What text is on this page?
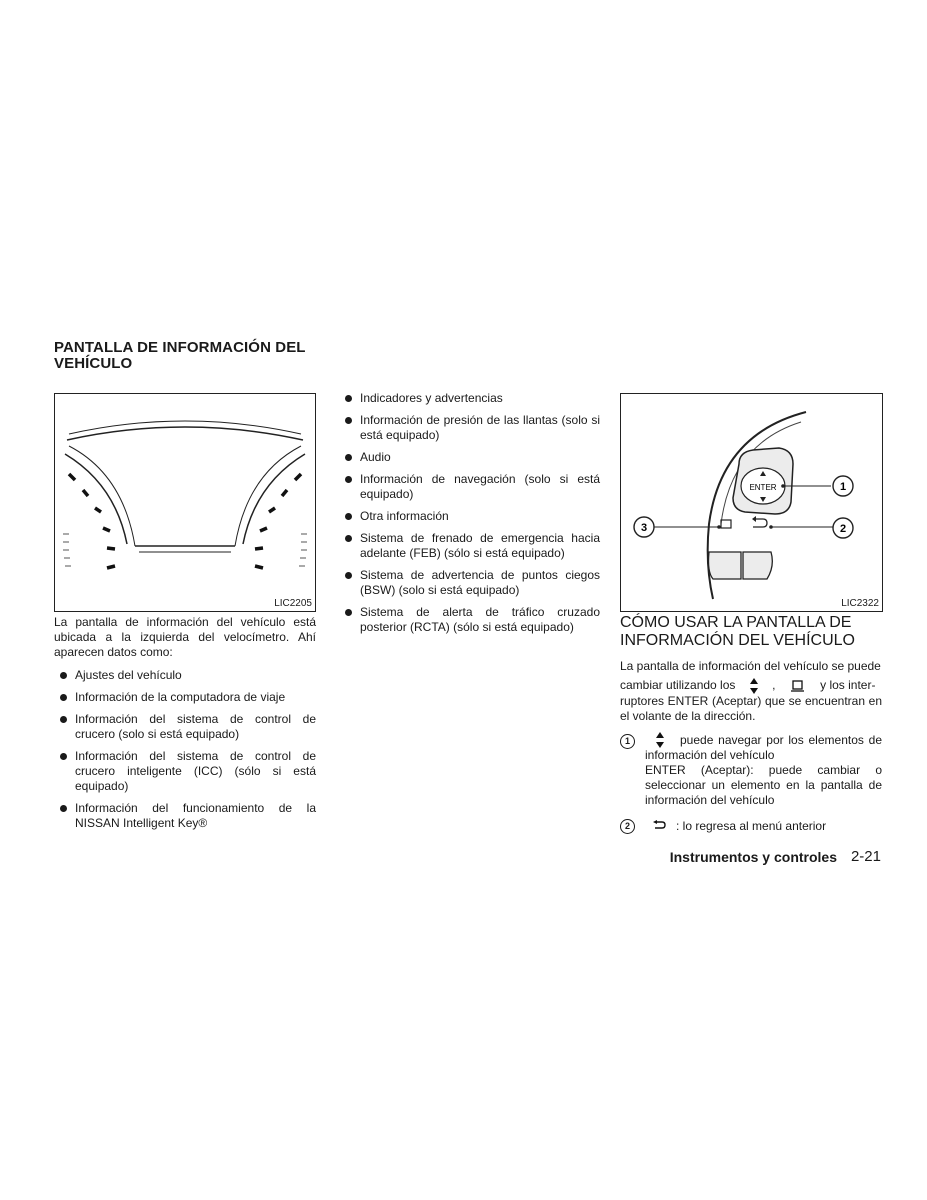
PANTALLA DE INFORMACIÓN DEL VEHÍCULO
LIC2205

La pantalla de información del vehículo está ubicada a la izquierda del velocímetro. Ahí aparecen datos como:

Ajustes del vehículo
Información de la computadora de viaje
Información del sistema de control de crucero (solo si está equipado)
Información del sistema de control de crucero inteligente (ICC) (sólo si está equipado)
Información del funcionamiento de la NISSAN Intelligent Key®
Indicadores y advertencias
Información de presión de las llantas (solo si está equipado)
Audio
Información de navegación (solo si está equipado)
Otra información
Sistema de frenado de emergencia hacia adelante (FEB) (sólo si está equipado)
Sistema de advertencia de puntos ciegos (BSW) (solo si está equipado)
Sistema de alerta de tráfico cruzado posterior (RCTA) (sólo si está equipado)
ENTER	1
2
3
LIC2322
CÓMO USAR LA PANTALLA DE INFORMACIÓN DEL VEHÍCULO

La pantalla de información del vehículo se puede

cambiar utilizando los	,	y los inter-

ruptores ENTER (Aceptar) que se encuentran en el volante de la dirección.

1	puede navegar por los elementos de información del vehículo

ENTER (Aceptar): puede cambiar o seleccionar un elemento en la pantalla de información del vehículo

2	: lo regresa al menú anterior
Instrumentos y controles 2-21
